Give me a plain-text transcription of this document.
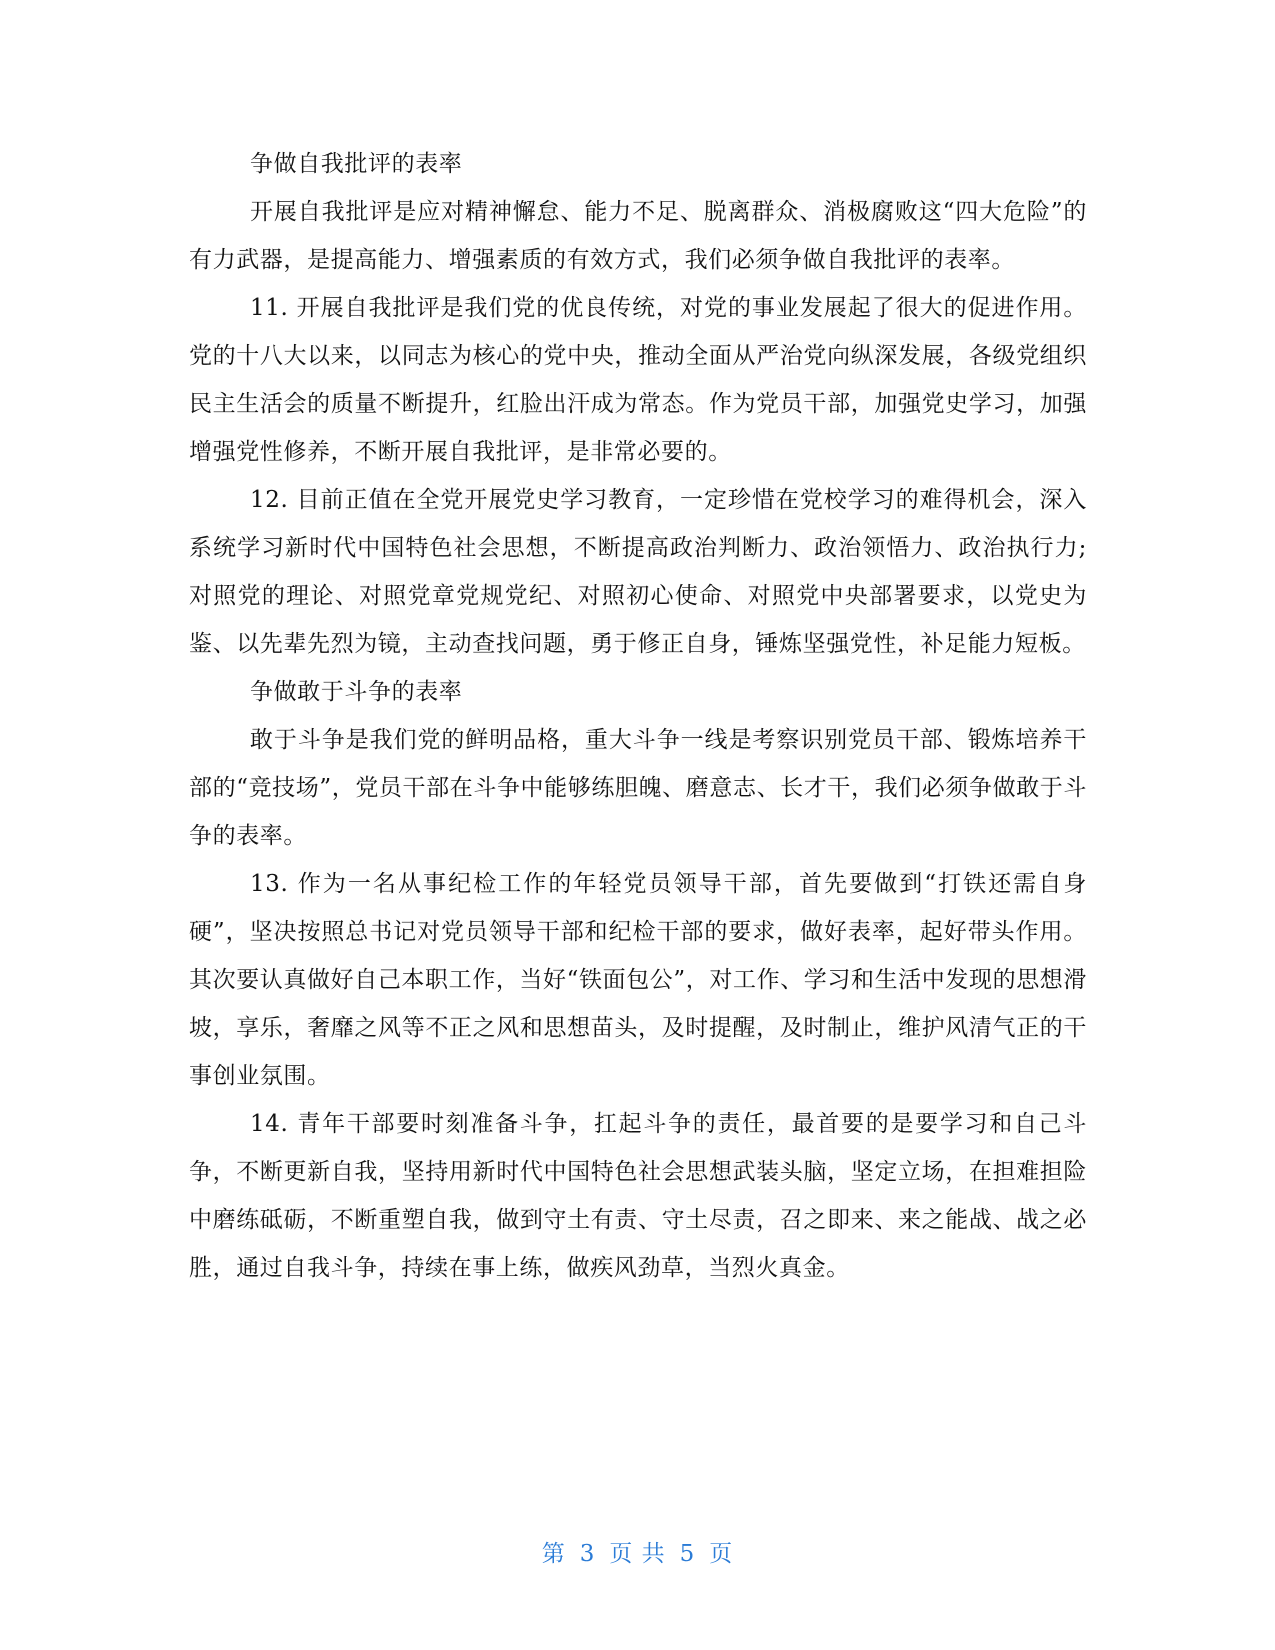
争做自我批评的表率

开展自我批评是应对精神懈怠、能力不足、脱离群众、消极腐败这“四大危险”的有力武器，是提高能力、增强素质的有效方式，我们必须争做自我批评的表率。

11. 开展自我批评是我们党的优良传统，对党的事业发展起了很大的促进作用。党的十八大以来，以同志为核心的党中央，推动全面从严治党向纵深发展，各级党组织民主生活会的质量不断提升，红脸出汗成为常态。作为党员干部，加强党史学习，加强增强党性修养，不断开展自我批评，是非常必要的。

12. 目前正值在全党开展党史学习教育，一定珍惜在党校学习的难得机会，深入系统学习新时代中国特色社会思想，不断提高政治判断力、政治领悟力、政治执行力;对照党的理论、对照党章党规党纪、对照初心使命、对照党中央部署要求，以党史为鉴、以先辈先烈为镜，主动查找问题，勇于修正自身，锤炼坚强党性，补足能力短板。

争做敢于斗争的表率

敢于斗争是我们党的鲜明品格，重大斗争一线是考察识别党员干部、锻炼培养干部的“竞技场”，党员干部在斗争中能够练胆魄、磨意志、长才干，我们必须争做敢于斗争的表率。

13. 作为一名从事纪检工作的年轻党员领导干部，首先要做到“打铁还需自身硬”，坚决按照总书记对党员领导干部和纪检干部的要求，做好表率，起好带头作用。其次要认真做好自己本职工作，当好“铁面包公”，对工作、学习和生活中发现的思想滑坡，享乐，奢靡之风等不正之风和思想苗头，及时提醒，及时制止，维护风清气正的干事创业氛围。

14. 青年干部要时刻准备斗争，扛起斗争的责任，最首要的是要学习和自己斗争，不断更新自我，坚持用新时代中国特色社会思想武装头脑，坚定立场，在担难担险中磨练砥砺，不断重塑自我，做到守土有责、守土尽责，召之即来、来之能战、战之必胜，通过自我斗争，持续在事上练，做疾风劲草，当烈火真金。

第 3 页 共 5 页
